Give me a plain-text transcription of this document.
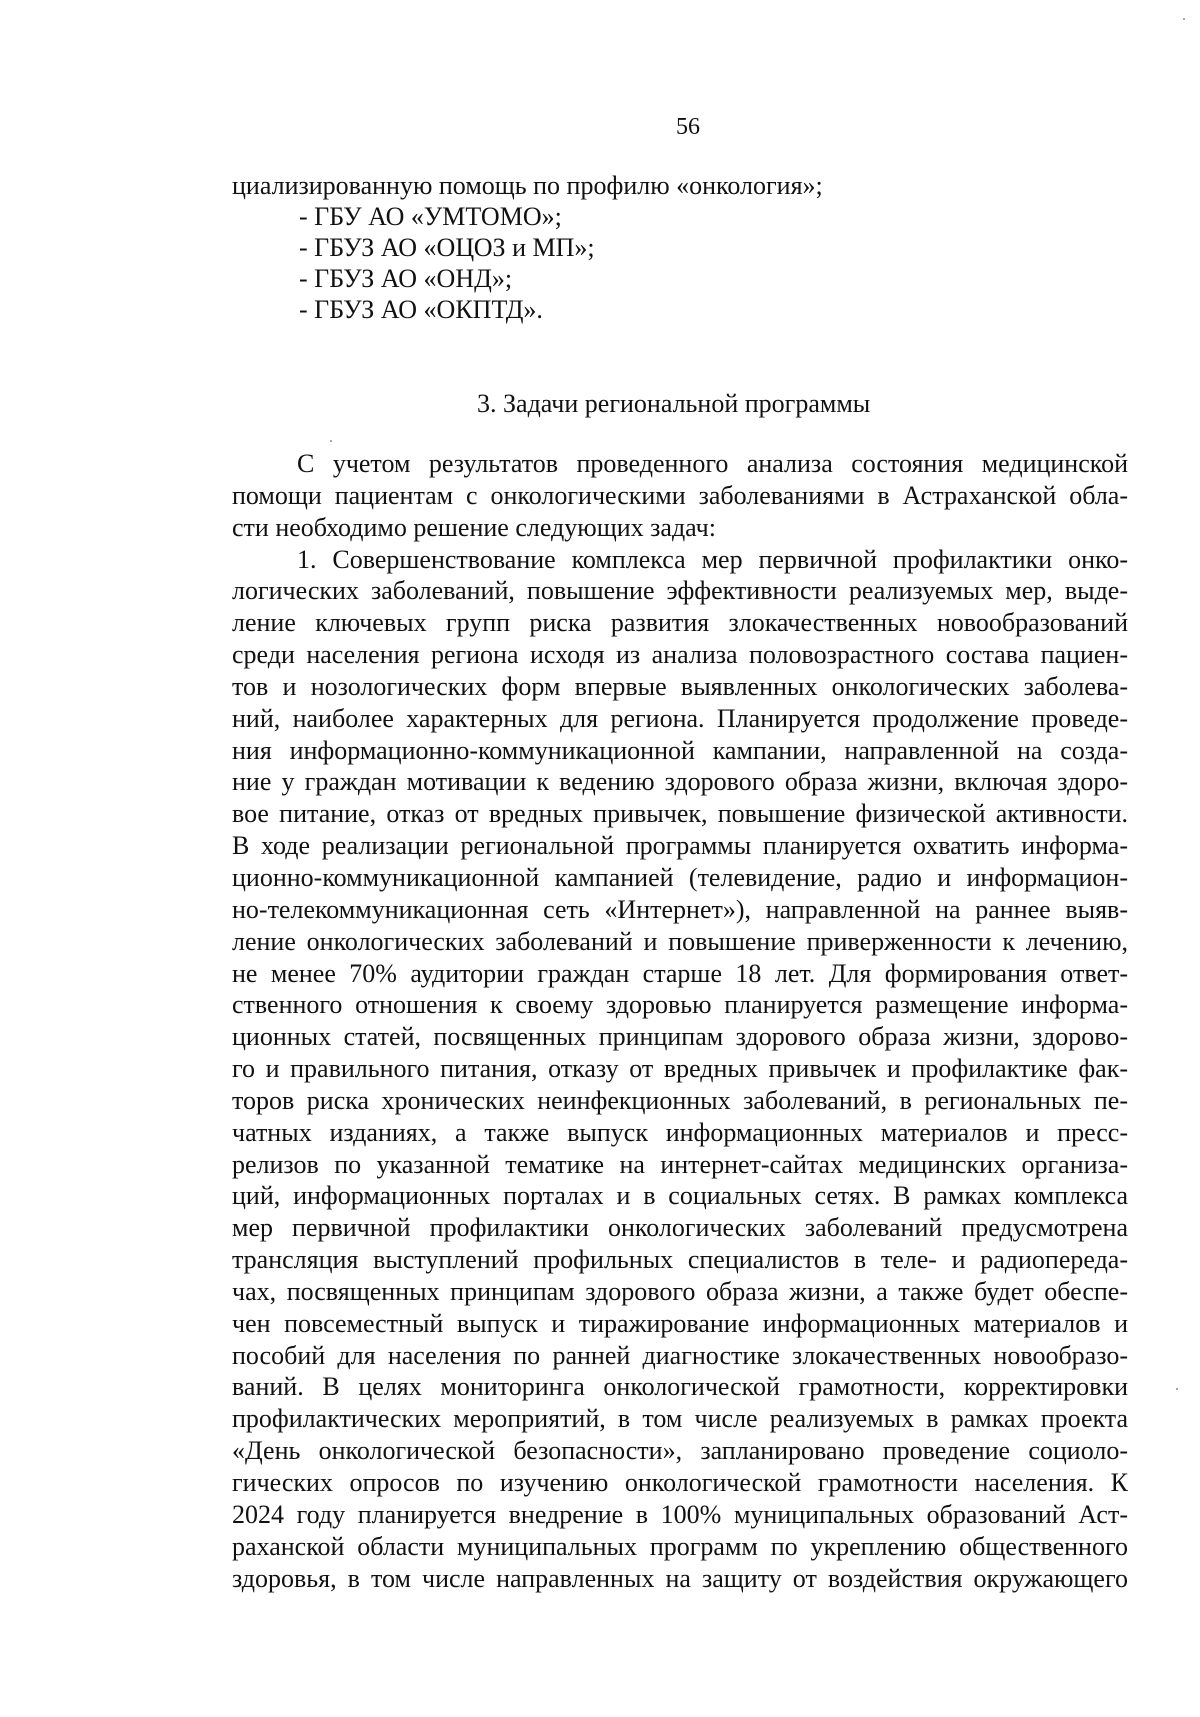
56
циализированную помощь по профилю «онкология»;
- ГБУ АО «УМТОМО»;
- ГБУЗ АО «ОЦОЗ и МП»;
- ГБУЗ АО «ОНД»;
- ГБУЗ АО «ОКПТД».
3. Задачи региональной программы
С учетом результатов проведенного анализа состояния медицинской
помощи пациентам с онкологическими заболеваниями в Астраханской обла-
сти необходимо решение следующих задач:
1. Совершенствование комплекса мер первичной профилактики онко-
логических заболеваний, повышение эффективности реализуемых мер, выде-
ление ключевых групп риска развития злокачественных новообразований
среди населения региона исходя из анализа половозрастного состава пациен-
тов и нозологических форм впервые выявленных онкологических заболева-
ний, наиболее характерных для региона. Планируется продолжение проведе-
ния информационно-коммуникационной кампании, направленной на созда-
ние у граждан мотивации к ведению здорового образа жизни, включая здоро-
вое питание, отказ от вредных привычек, повышение физической активности.
В ходе реализации региональной программы планируется охватить информа-
ционно-коммуникационной кампанией (телевидение, радио и информацион-
но-телекоммуникационная сеть «Интернет»), направленной на раннее выяв-
ление онкологических заболеваний и повышение приверженности к лечению,
не менее 70% аудитории граждан старше 18 лет. Для формирования ответ-
ственного отношения к своему здоровью планируется размещение информа-
ционных статей, посвященных принципам здорового образа жизни, здорово-
го и правильного питания, отказу от вредных привычек и профилактике фак-
торов риска хронических неинфекционных заболеваний, в региональных пе-
чатных изданиях, а также выпуск информационных материалов и пресс-
релизов по указанной тематике на интернет-сайтах медицинских организа-
ций, информационных порталах и в социальных сетях. В рамках комплекса
мер первичной профилактики онкологических заболеваний предусмотрена
трансляция выступлений профильных специалистов в теле- и радиопереда-
чах, посвященных принципам здорового образа жизни, а также будет обеспе-
чен повсеместный выпуск и тиражирование информационных материалов и
пособий для населения по ранней диагностике злокачественных новообразо-
ваний. В целях мониторинга онкологической грамотности, корректировки
профилактических мероприятий, в том числе реализуемых в рамках проекта
«День онкологической безопасности», запланировано проведение социоло-
гических опросов по изучению онкологической грамотности населения. К
2024 году планируется внедрение в 100% муниципальных образований Аст-
раханской области муниципальных программ по укреплению общественного
здоровья, в том числе направленных на защиту от воздействия окружающего
